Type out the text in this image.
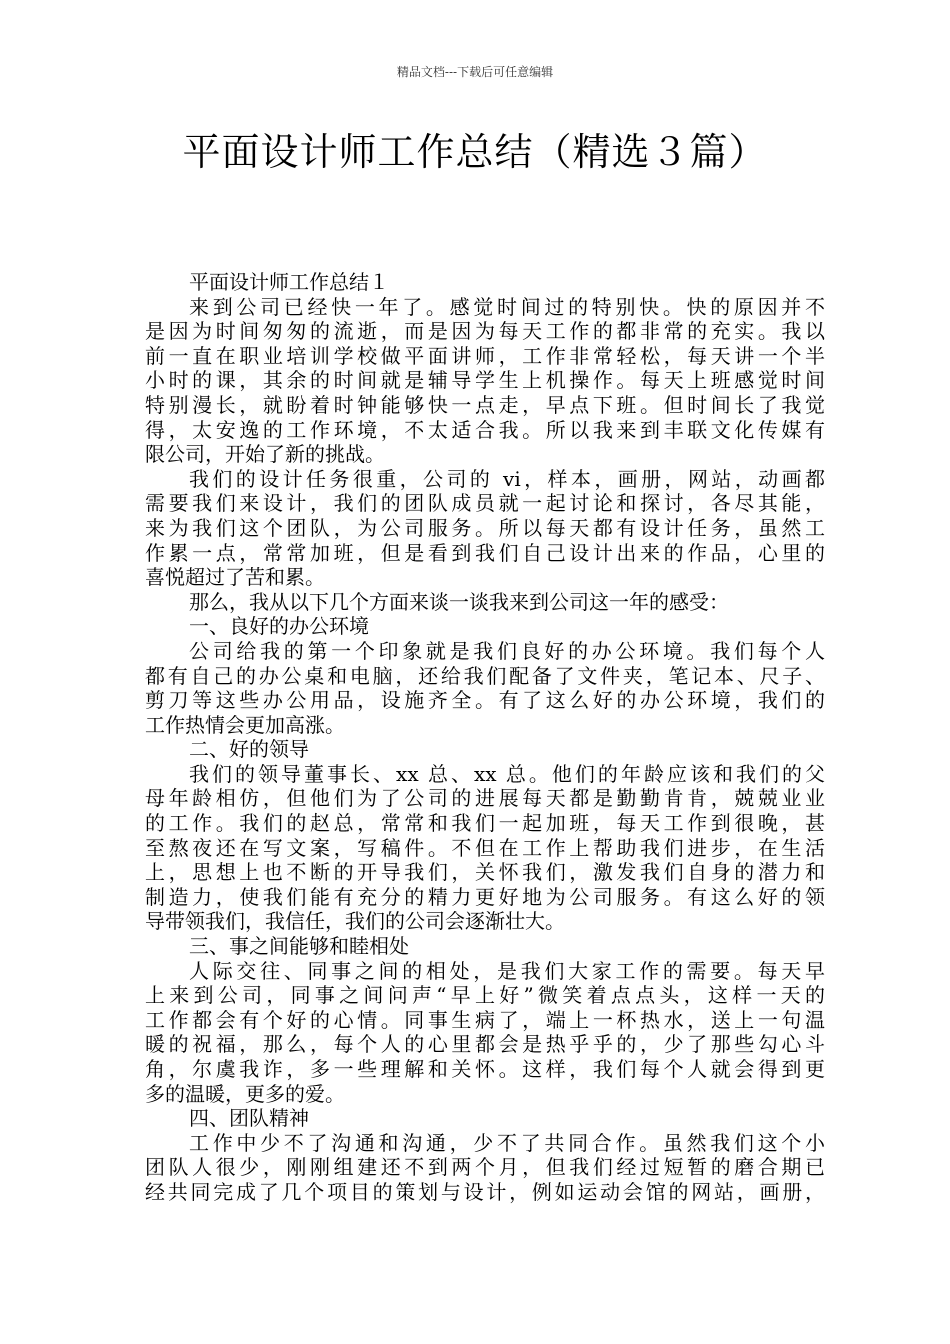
精品文档---下载后可任意编辑
平面设计师工作总结（精选３篇）
平面设计师工作总结１
来到公司已经快一年了。感觉时间过的特别快。快的原因并不
是因为时间匆匆的流逝，而是因为每天工作的都非常的充实。我以
前一直在职业培训学校做平面讲师，工作非常轻松，每天讲一个半
小时的课，其余的时间就是辅导学生上机操作。每天上班感觉时间
特别漫长，就盼着时钟能够快一点走，早点下班。但时间长了我觉
得，太安逸的工作环境，不太适合我。所以我来到丰联文化传媒有
限公司，开始了新的挑战。
我们的设计任务很重，公司的 vi，样本，画册，网站，动画都
需要我们来设计，我们的团队成员就一起讨论和探讨，各尽其能，
来为我们这个团队，为公司服务。所以每天都有设计任务，虽然工
作累一点，常常加班，但是看到我们自己设计出来的作品，心里的
喜悦超过了苦和累。
那么，我从以下几个方面来谈一谈我来到公司这一年的感受：
一、良好的办公环境
公司给我的第一个印象就是我们良好的办公环境。我们每个人
都有自己的办公桌和电脑，还给我们配备了文件夹，笔记本、尺子、
剪刀等这些办公用品，设施齐全。有了这么好的办公环境，我们的
工作热情会更加高涨。
二、好的领导
我们的领导董事长、xx 总、xx 总。他们的年龄应该和我们的父
母年龄相仿，但他们为了公司的进展每天都是勤勤肯肯，兢兢业业
的工作。我们的赵总，常常和我们一起加班，每天工作到很晚，甚
至熬夜还在写文案，写稿件。不但在工作上帮助我们进步，在生活
上，思想上也不断的开导我们，关怀我们，激发我们自身的潜力和
制造力，使我们能有充分的精力更好地为公司服务。有这么好的领
导带领我们，我信任，我们的公司会逐渐壮大。
三、事之间能够和睦相处
人际交往、同事之间的相处，是我们大家工作的需要。每天早
上来到公司，同事之间问声“早上好”微笑着点点头，这样一天的
工作都会有个好的心情。同事生病了，端上一杯热水，送上一句温
暖的祝福，那么，每个人的心里都会是热乎乎的，少了那些勾心斗
角，尔虞我诈，多一些理解和关怀。这样，我们每个人就会得到更
多的温暖，更多的爱。
四、团队精神
工作中少不了沟通和沟通，少不了共同合作。虽然我们这个小
团队人很少，刚刚组建还不到两个月，但我们经过短暂的磨合期已
经共同完成了几个项目的策划与设计，例如运动会馆的网站，画册，
